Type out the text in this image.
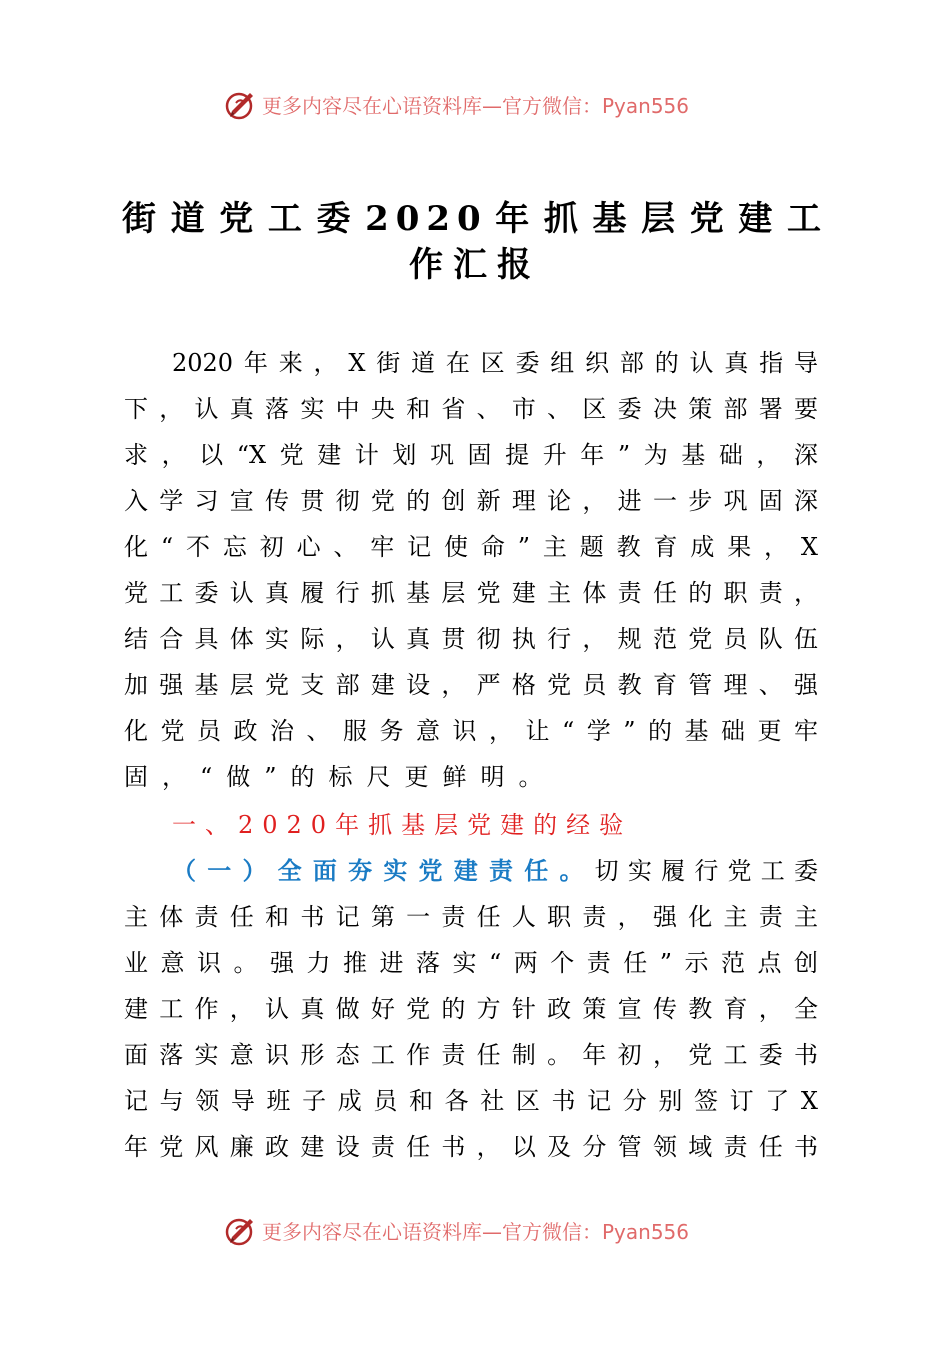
更多内容尽在心语资料库—官方微信：Pyan556
街道党工委2020年抓基层党建工
作汇报
2020年来，X街道在区委组织部的认真指导
下，认真落实中央和省、市、区委决策部署要
求，以“X党建计划巩固提升年”为基础，深
入学习宣传贯彻党的创新理论，进一步巩固深
化“不忘初心、牢记使命”主题教育成果，X
党工委认真履行抓基层党建主体责任的职责，
结合具体实际，认真贯彻执行，规范党员队伍
加强基层党支部建设，严格党员教育管理、强
化党员政治、服务意识，让“学”的基础更牢
固，“做”的标尺更鲜明。
一、2020年抓基层党建的经验
（一）全面夯实党建责任。切实履行党工委
主体责任和书记第一责任人职责，强化主责主
业意识。强力推进落实“两个责任”示范点创
建工作，认真做好党的方针政策宣传教育，全
面落实意识形态工作责任制。年初，党工委书
记与领导班子成员和各社区书记分别签订了X
年党风廉政建设责任书，以及分管领域责任书
更多内容尽在心语资料库—官方微信：Pyan556
